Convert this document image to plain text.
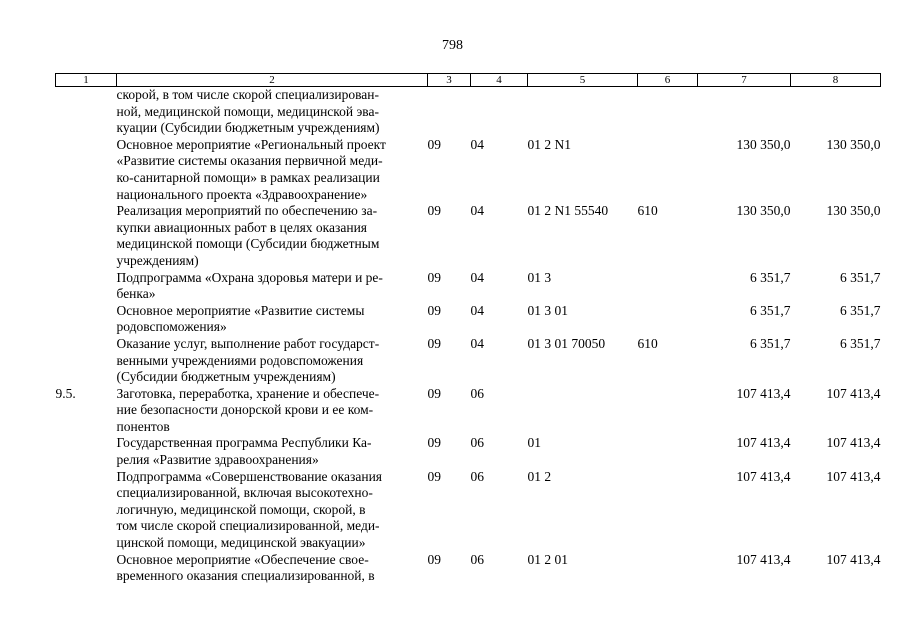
798
1	2	3	4	5	6	7	8
	скорой, в том числе скорой специализирован-
ной, медицинской помощи, медицинской эва-
куации (Субсидии бюджетным учреждениям)						
	Основное мероприятие «Региональный проект
«Развитие системы оказания первичной меди-
ко-санитарной помощи» в рамках реализации
национального проекта «Здравоохранение»	09	04	01 2 N1		130 350,0	130 350,0
	Реализация мероприятий по обеспечению за-
купки авиационных работ в целях оказания
медицинской помощи (Субсидии бюджетным
учреждениям)	09	04	01 2 N1 55540	610	130 350,0	130 350,0
	Подпрограмма «Охрана здоровья матери и ре-
бенка»	09	04	01 3		6 351,7	6 351,7
	Основное мероприятие «Развитие системы
родовспоможения»	09	04	01 3 01		6 351,7	6 351,7
	Оказание услуг, выполнение работ государст-
венными учреждениями родовспоможения
(Субсидии бюджетным учреждениям)	09	04	01 3 01 70050	610	6 351,7	6 351,7
9.5.	Заготовка, переработка, хранение и обеспече-
ние безопасности донорской крови и ее ком-
понентов	09	06			107 413,4	107 413,4
	Государственная программа Республики Ка-
релия «Развитие здравоохранения»	09	06	01		107 413,4	107 413,4
	Подпрограмма «Совершенствование оказания
специализированной, включая высокотехно-
логичную, медицинской помощи, скорой, в
том числе скорой специализированной, меди-
цинской помощи, медицинской эвакуации»	09	06	01 2		107 413,4	107 413,4
	Основное мероприятие «Обеспечение свое-
временного оказания специализированной, в	09	06	01 2 01		107 413,4	107 413,4
